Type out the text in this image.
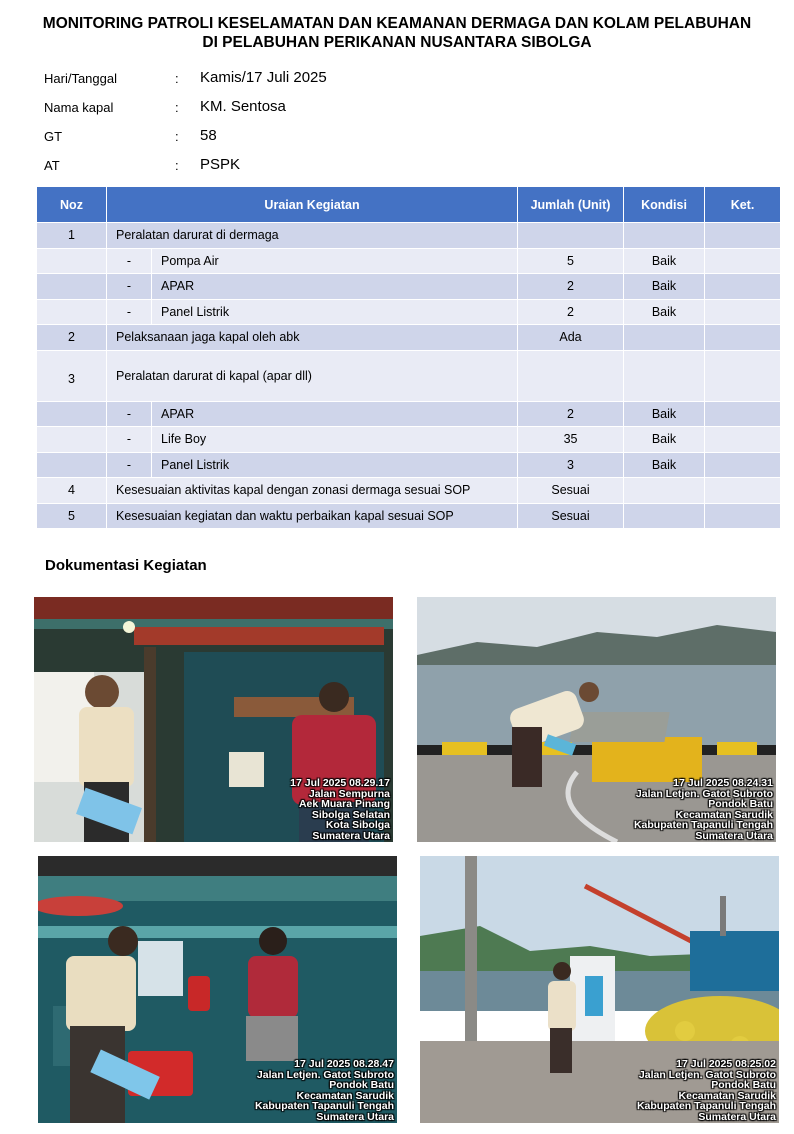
MONITORING PATROLI KESELAMATAN DAN KEAMANAN DERMAGA DAN KOLAM PELABUHAN
DI PELABUHAN PERIKANAN NUSANTARA SIBOLGA
Hari/Tanggal	: Kamis/17 Juli 2025
Nama kapal	: KM. Sentosa
GT	: 58
AT	: PSPK
Noz	Uraian Kegiatan		Jumlah (Unit)	Kondisi	Ket.
1	Peralatan darurat di dermaga				
	-	Pompa Air	5	Baik	
	-	APAR	2	Baik	
	-	Panel Listrik	2	Baik	
2	Pelaksanaan jaga kapal oleh abk		Ada		
3	Peralatan darurat di kapal (apar dll)				
	-	APAR	2	Baik	
	-	Life Boy	35	Baik	
	-	Panel Listrik	3	Baik	
4	Kesesuaian aktivitas kapal dengan zonasi dermaga sesuai SOP		Sesuai		
5	Kesesuaian kegiatan dan waktu perbaikan kapal sesuai SOP		Sesuai		
Dokumentasi Kegiatan
17 Jul 2025 08.29.17
Jalan Sempurna
Aek Muara Pinang
Sibolga Selatan
Kota Sibolga
Sumatera Utara
17 Jul 2025 08.24.31
Jalan Letjen. Gatot Subroto
Pondok Batu
Kecamatan Sarudik
Kabupaten Tapanuli Tengah
Sumatera Utara
17 Jul 2025 08.28.47
Jalan Letjen. Gatot Subroto
Pondok Batu
Kecamatan Sarudik
Kabupaten Tapanuli Tengah
Sumatera Utara
17 Jul 2025 08.25.02
Jalan Letjen. Gatot Subroto
Pondok Batu
Kecamatan Sarudik
Kabupaten Tapanuli Tengah
Sumatera Utara
